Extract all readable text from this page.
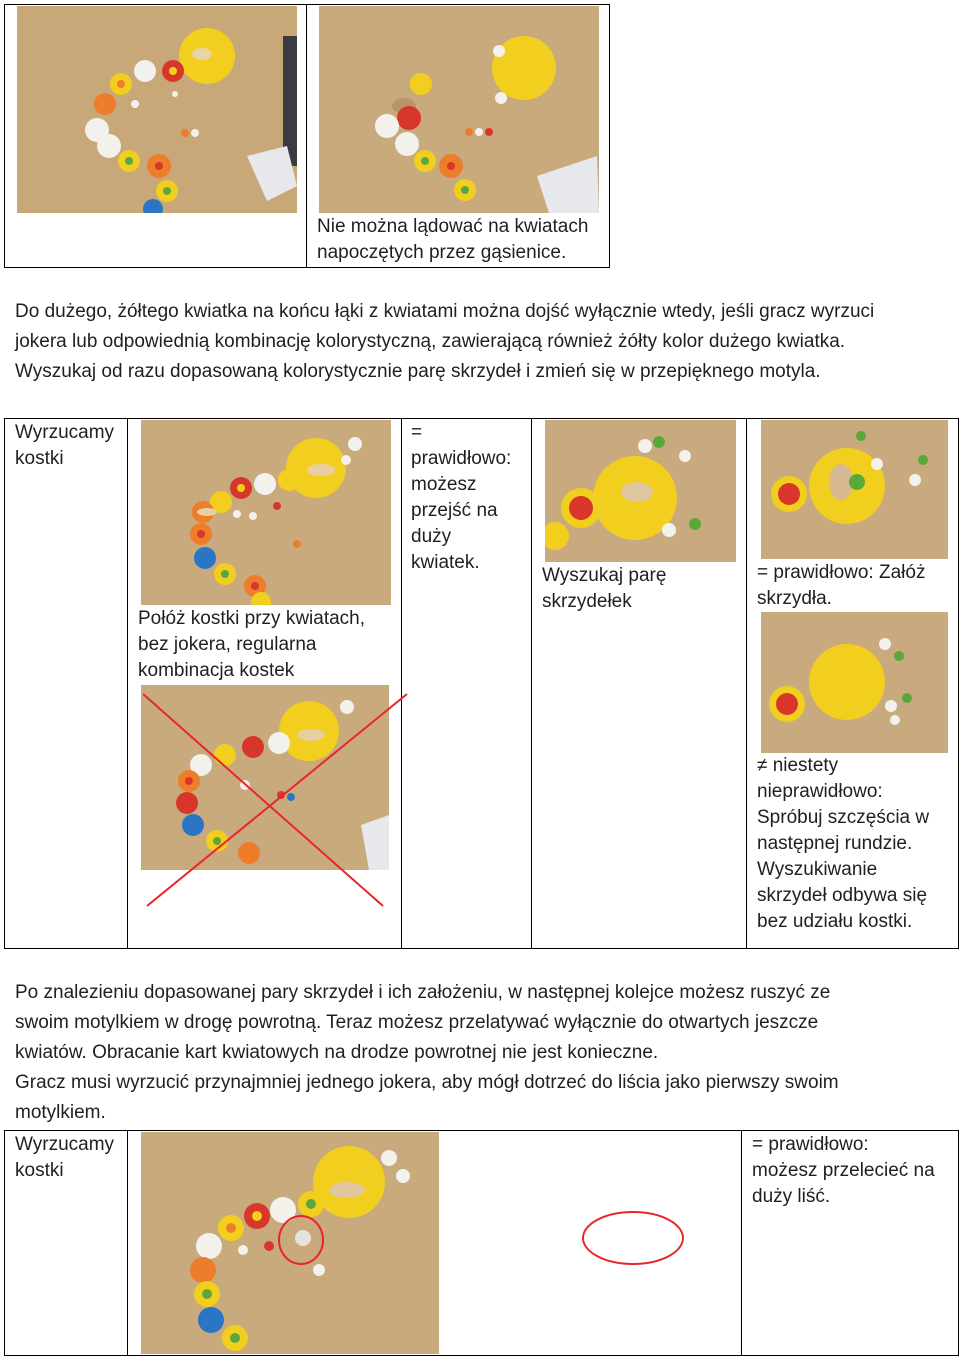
Nie można lądować na kwiatach
napoczętych przez gąsienice.
Do dużego, żółtego kwiatka na końcu łąki z kwiatami można dojść wyłącznie wtedy, jeśli gracz wyrzuci
jokera lub odpowiednią kombinację kolorystyczną, zawierającą również żółty kolor dużego kwiatka.
Wyszukaj od razu dopasowaną kolorystycznie parę skrzydeł i zmień się w przepięknego motyla.
Wyrzucamy
kostki
Połóż kostki przy kwiatach,
bez jokera, regularna
kombinacja kostek
=
prawidłowo:
możesz
przejść na
duży
kwiatek.
Wyszukaj parę
skrzydełek
= prawidłowo: Załóż
skrzydła.
≠ niestety
nieprawidłowo:
Spróbuj szczęścia w
następnej rundzie.
Wyszukiwanie
skrzydeł odbywa się
bez udziału kostki.
Po znalezieniu dopasowanej pary skrzydeł i ich założeniu, w następnej kolejce możesz ruszyć ze
swoim motylkiem w drogę powrotną. Teraz możesz przelatywać wyłącznie do otwartych jeszcze
kwiatów. Obracanie kart kwiatowych na drodze powrotnej nie jest konieczne.
Gracz musi wyrzucić przynajmniej jednego jokera, aby mógł dotrzeć do liścia jako pierwszy swoim
motylkiem.
Wyrzucamy
kostki
= prawidłowo:
możesz przelecieć na
duży liść.
